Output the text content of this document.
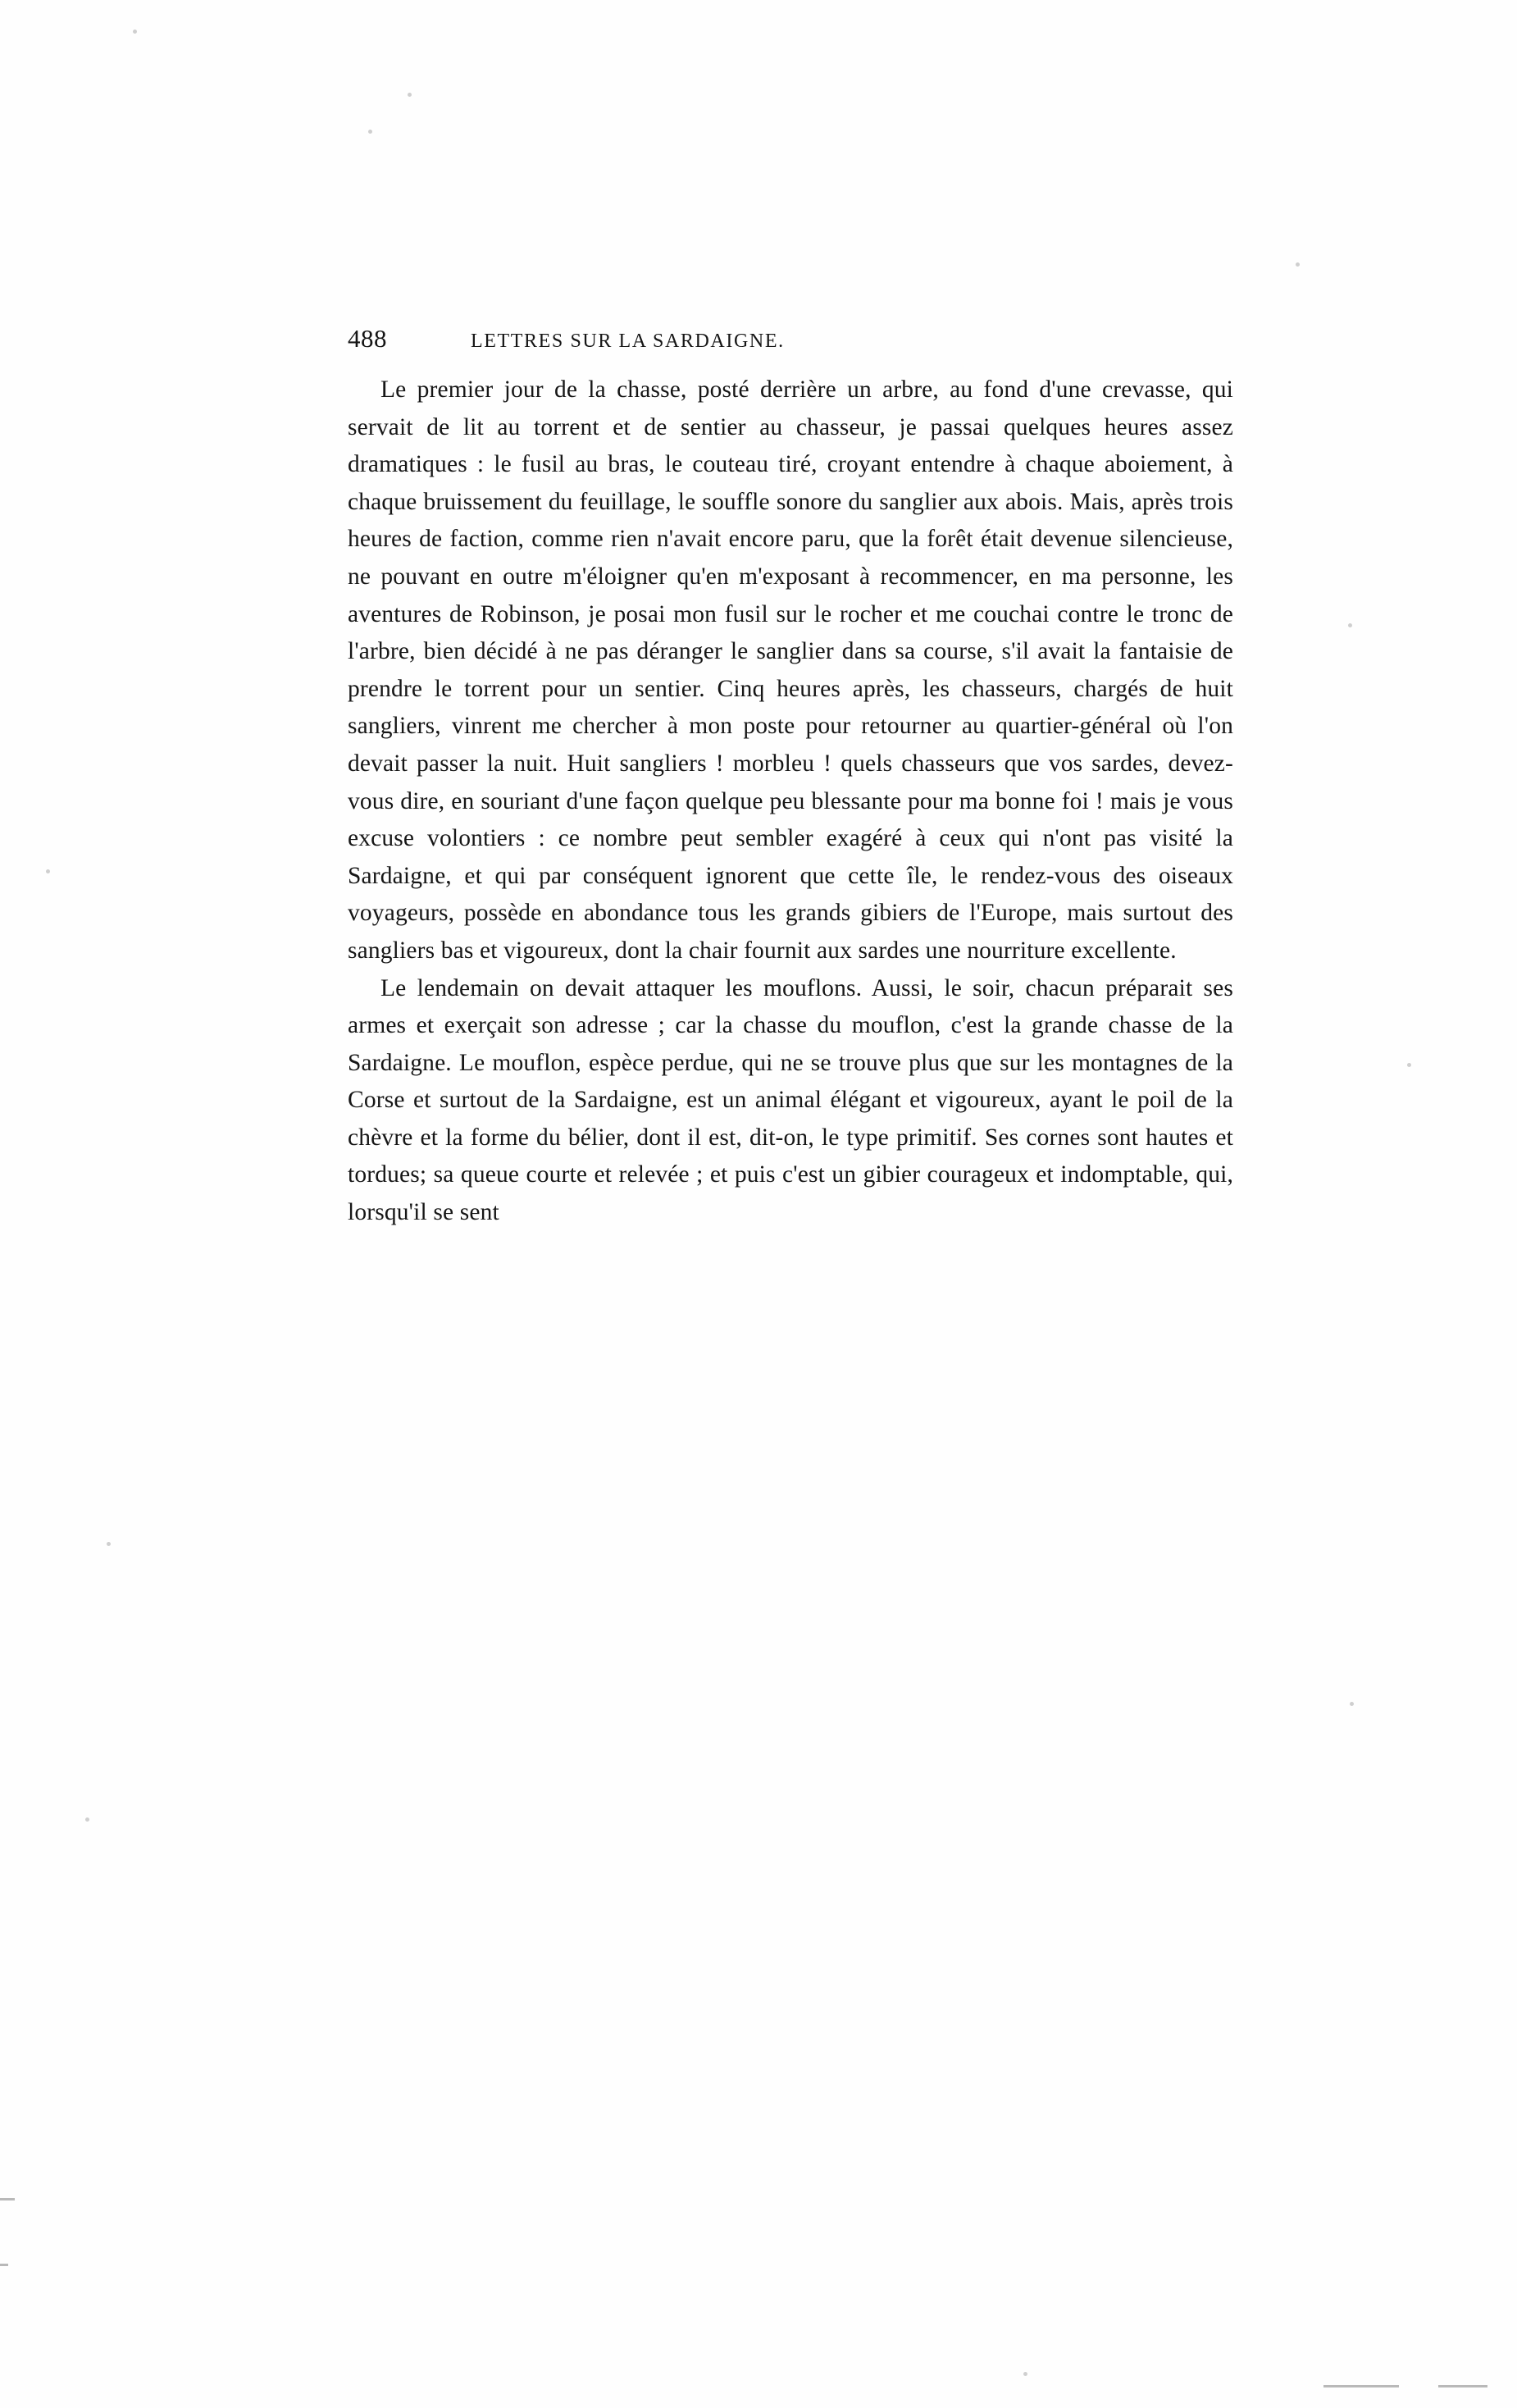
488	LETTRES SUR LA SARDAIGNE.

Le premier jour de la chasse, posté derrière un arbre, au fond d'une crevasse, qui servait de lit au torrent et de sentier au chasseur, je passai quelques heures assez dramatiques : le fusil au bras, le couteau tiré, croyant entendre à chaque aboiement, à chaque bruissement du feuillage, le souffle sonore du sanglier aux abois. Mais, après trois heures de faction, comme rien n'avait encore paru, que la forêt était devenue silencieuse, ne pouvant en outre m'éloigner qu'en m'exposant à recommencer, en ma personne, les aventures de Robinson, je posai mon fusil sur le rocher et me couchai contre le tronc de l'arbre, bien décidé à ne pas déranger le sanglier dans sa course, s'il avait la fantaisie de prendre le torrent pour un sentier. Cinq heures après, les chasseurs, chargés de huit sangliers, vinrent me chercher à mon poste pour retourner au quartier-général où l'on devait passer la nuit. Huit sangliers ! morbleu ! quels chasseurs que vos sardes, devez-vous dire, en souriant d'une façon quelque peu blessante pour ma bonne foi ! mais je vous excuse volontiers : ce nombre peut sembler exagéré à ceux qui n'ont pas visité la Sardaigne, et qui par conséquent ignorent que cette île, le rendez-vous des oiseaux voyageurs, possède en abondance tous les grands gibiers de l'Europe, mais surtout des sangliers bas et vigoureux, dont la chair fournit aux sardes une nourriture excellente.

Le lendemain on devait attaquer les mouflons. Aussi, le soir, chacun préparait ses armes et exerçait son adresse ; car la chasse du mouflon, c'est la grande chasse de la Sardaigne. Le mouflon, espèce perdue, qui ne se trouve plus que sur les montagnes de la Corse et surtout de la Sardaigne, est un animal élégant et vigoureux, ayant le poil de la chèvre et la forme du bélier, dont il est, dit-on, le type primitif. Ses cornes sont hautes et tordues; sa queue courte et relevée ; et puis c'est un gibier courageux et indomptable, qui, lorsqu'il se sent
